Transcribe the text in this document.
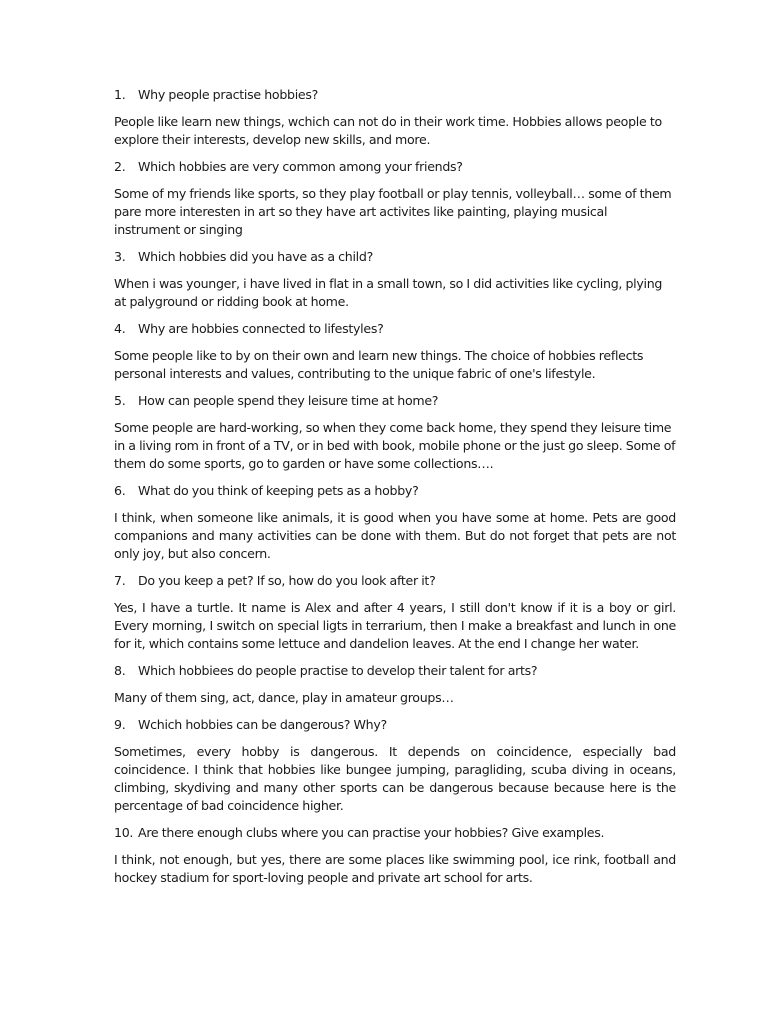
1. Why people practise hobbies?

People like learn new things, wchich can not do in their work time. Hobbies allows people to explore their interests, develop new skills, and more.

2. Which hobbies are very common among your friends?

Some of my friends like sports, so they play football or play tennis, volleyball… some of them pare more interesten in art so they have art activites like painting, playing musical instrument or singing

3. Which hobbies did you have as a child?

When i was younger, i have lived in flat in a small town, so I did activities like cycling, plying at palyground or ridding book at home.

4. Why are hobbies connected to lifestyles?

Some people like to by on their own and learn new things. The choice of hobbies reflects personal interests and values, contributing to the unique fabric of one's lifestyle.

5. How can people spend they leisure time at home?

Some people are hard-working, so when they come back home, they spend they leisure time in a living rom in front of a TV, or in bed with book, mobile phone or the just go sleep. Some of them do some sports, go to garden or have some collections….

6. What do you think of keeping pets as a hobby?

I think, when someone like animals, it is good when you have some at home. Pets are good companions and many activities can be done with them. But do not forget that pets are not only joy, but also concern.

7. Do you keep a pet? If so, how do you look after it?

Yes, I have a turtle. It name is Alex and after 4 years, I still don't know if it is a boy or girl. Every morning, I switch on special ligts in terrarium, then I make a breakfast and lunch in one for it, which contains some lettuce and dandelion leaves. At the end I change her water.

8. Which hobbiees do people practise to develop their talent for arts?

Many of them sing, act, dance, play in amateur groups…

9. Wchich hobbies can be dangerous? Why?

Sometimes, every hobby is dangerous. It depends on coincidence, especially bad coincidence. I think that hobbies like bungee jumping, paragliding, scuba diving in oceans, climbing, skydiving and many other sports can be dangerous because because here is the percentage of bad coincidence higher.

10. Are there enough clubs where you can practise your hobbies? Give examples.

I think, not enough, but yes, there are some places like swimming pool, ice rink, football and hockey stadium for sport-loving people and private art school for arts.
